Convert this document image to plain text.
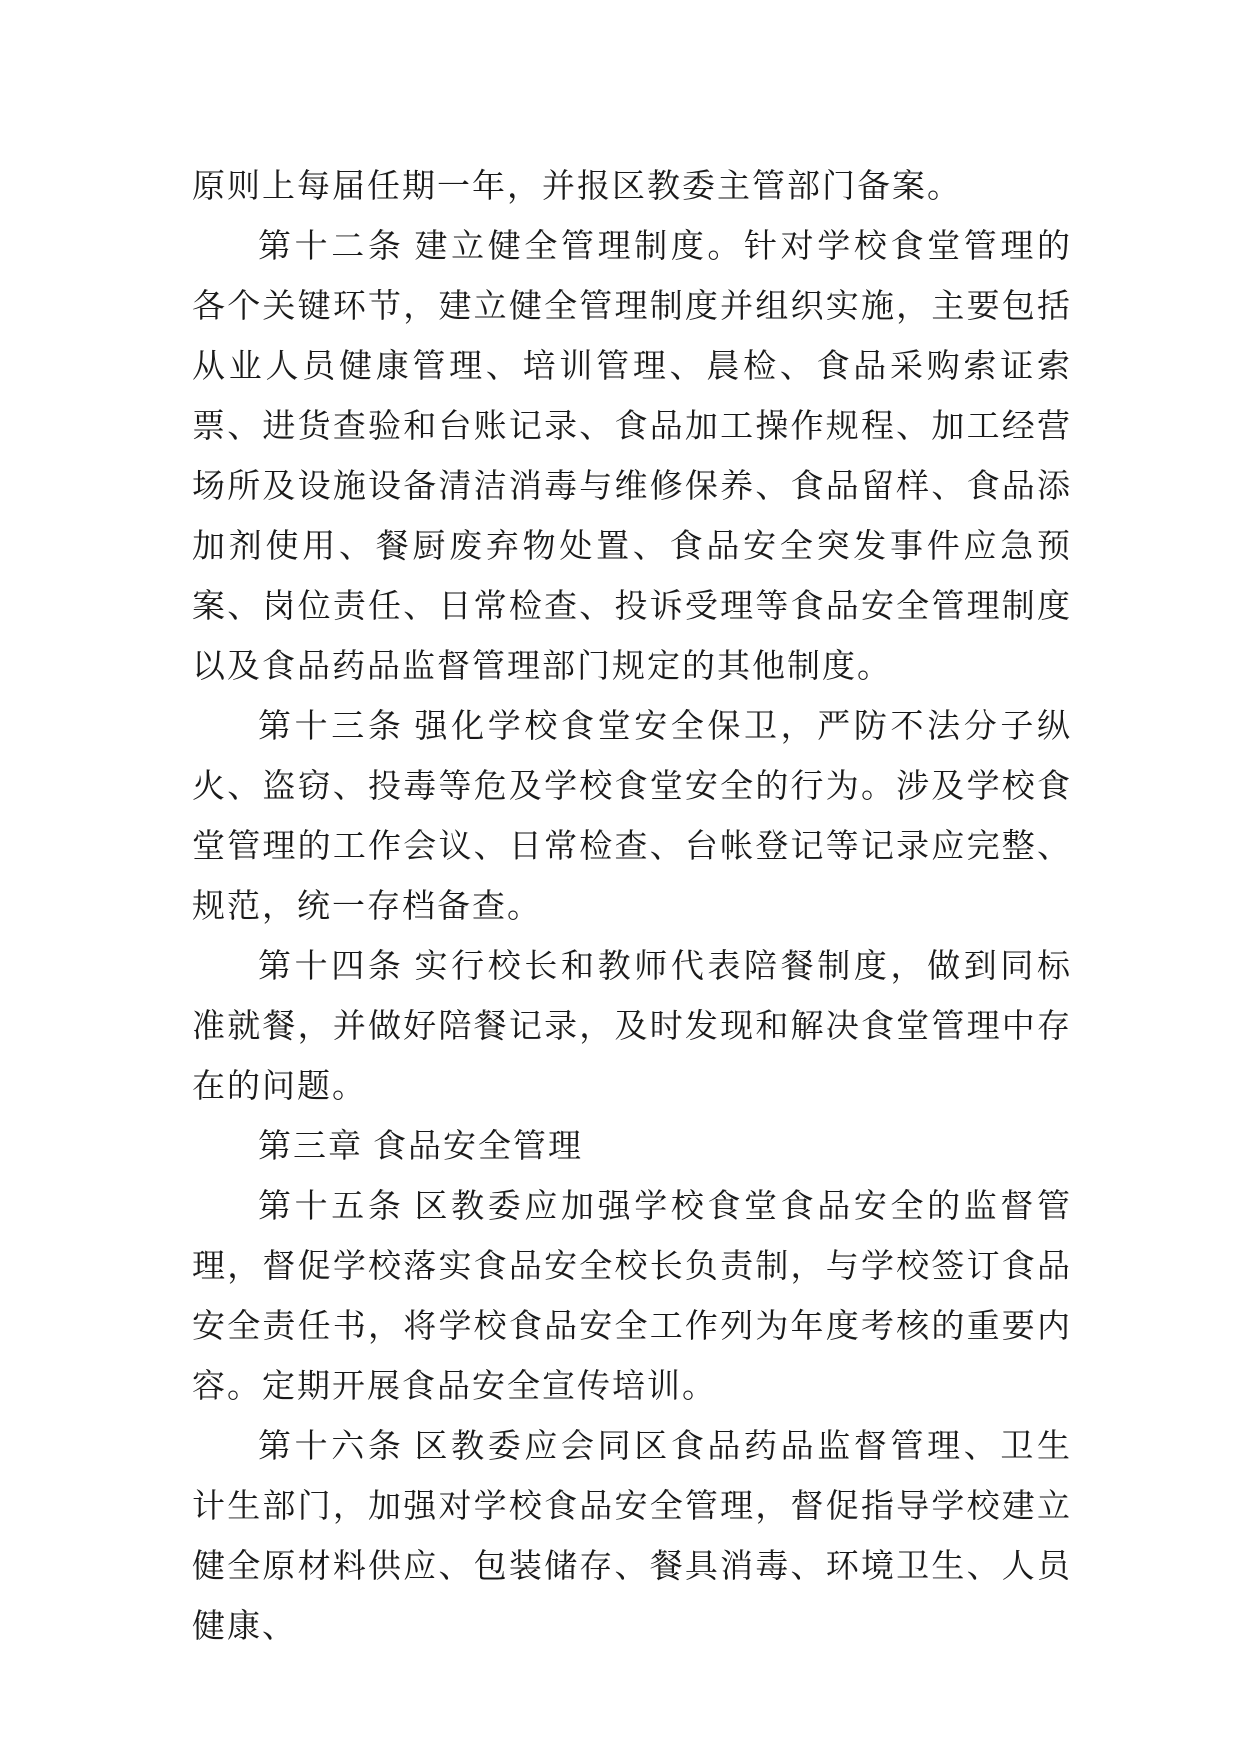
原则上每届任期一年，并报区教委主管部门备案。

第十二条 建立健全管理制度。针对学校食堂管理的各个关键环节，建立健全管理制度并组织实施，主要包括从业人员健康管理、培训管理、晨检、食品采购索证索票、进货查验和台账记录、食品加工操作规程、加工经营场所及设施设备清洁消毒与维修保养、食品留样、食品添加剂使用、餐厨废弃物处置、食品安全突发事件应急预案、岗位责任、日常检查、投诉受理等食品安全管理制度以及食品药品监督管理部门规定的其他制度。

第十三条 强化学校食堂安全保卫，严防不法分子纵火、盗窃、投毒等危及学校食堂安全的行为。涉及学校食堂管理的工作会议、日常检查、台帐登记等记录应完整、规范，统一存档备查。

第十四条 实行校长和教师代表陪餐制度，做到同标准就餐，并做好陪餐记录，及时发现和解决食堂管理中存在的问题。

第三章 食品安全管理

第十五条 区教委应加强学校食堂食品安全的监督管理，督促学校落实食品安全校长负责制，与学校签订食品安全责任书，将学校食品安全工作列为年度考核的重要内容。定期开展食品安全宣传培训。

第十六条 区教委应会同区食品药品监督管理、卫生计生部门，加强对学校食品安全管理，督促指导学校建立健全原材料供应、包装储存、餐具消毒、环境卫生、人员健康、
